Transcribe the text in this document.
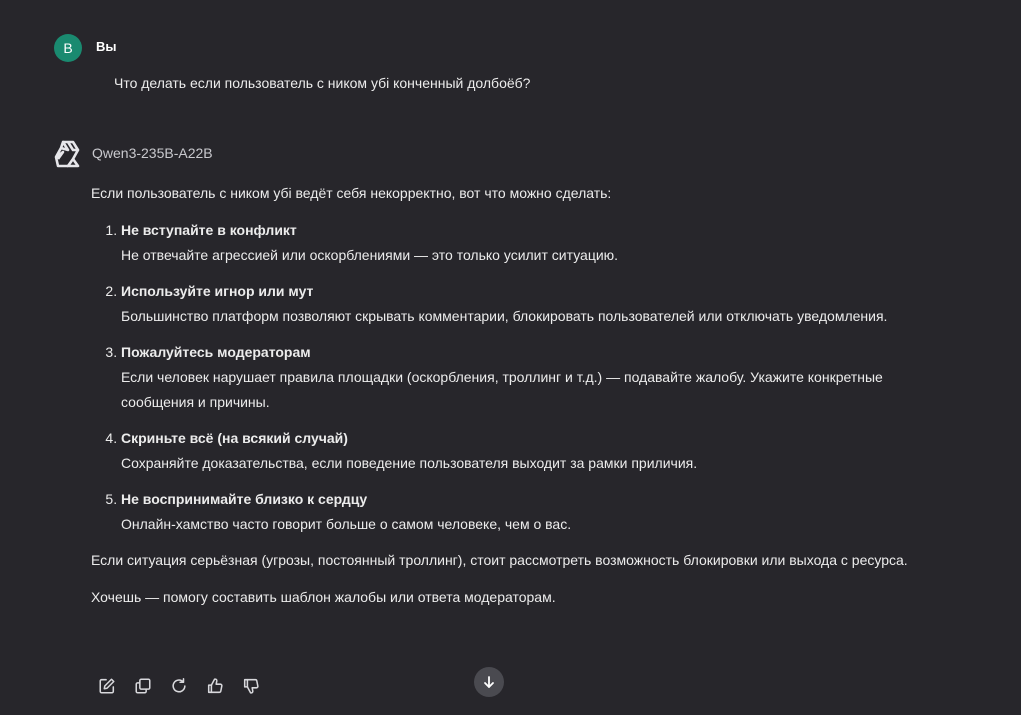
В	Вы
Что делать если пользователь с ником убі конченный долбоёб?
Qwen3-235B-A22B

Если пользователь с ником убі ведёт себя некорректно, вот что можно сделать:

1. Не вступайте в конфликт
Не отвечайте агрессией или оскорблениями — это только усилит ситуацию.
2. Используйте игнор или мут
Большинство платформ позволяют скрывать комментарии, блокировать пользователей или отключать уведомления.
3. Пожалуйтесь модераторам
Если человек нарушает правила площадки (оскорбления, троллинг и т.д.) — подавайте жалобу. Укажите конкретные сообщения и причины.
4. Скриньте всё (на всякий случай)
Сохраняйте доказательства, если поведение пользователя выходит за рамки приличия.
5. Не воспринимайте близко к сердцу
Онлайн-хамство часто говорит больше о самом человеке, чем о вас.

Если ситуация серьёзная (угрозы, постоянный троллинг), стоит рассмотреть возможность блокировки или выхода с ресурса.

Хочешь — помогу составить шаблон жалобы или ответа модераторам.
